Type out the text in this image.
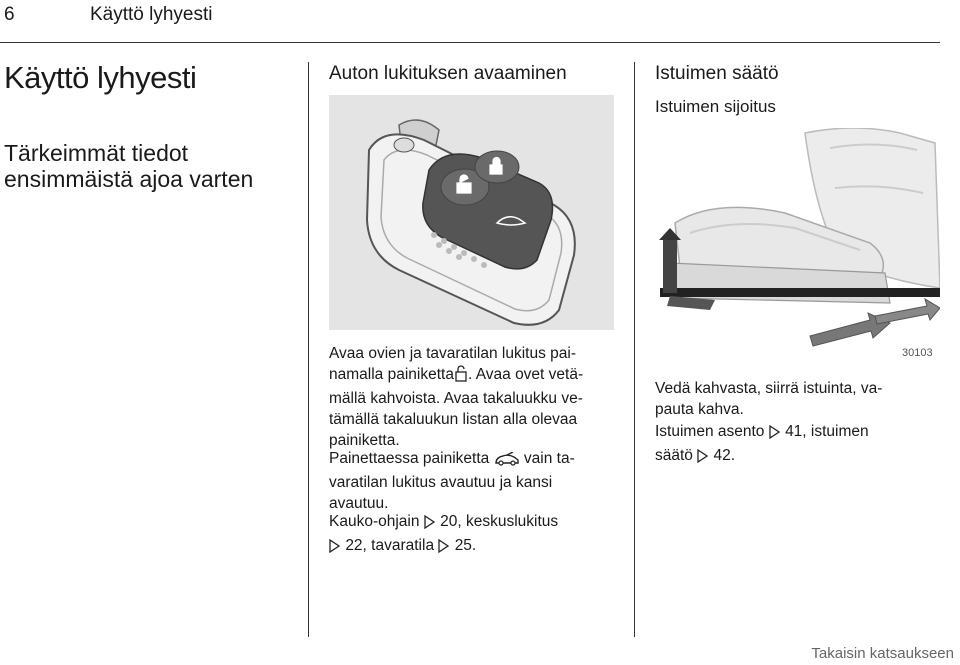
6	Käyttö lyhyesti
Käyttö lyhyesti
Tärkeimmät tiedot ensimmäistä ajoa varten
Auton lukituksen avaaminen
Avaa ovien ja tavaratilan lukitus pai-
namalla painiketta . Avaa ovet vetä-
mällä kahvoista. Avaa takaluukku ve-
tämällä takaluukun listan alla olevaa
painiketta.
Painettaessa painiketta vain ta-
varatilan lukitus avautuu ja kansi
avautuu.
Kauko-ohjain 20, keskuslukitus
22, tavaratila 25.
Istuimen säätö
Istuimen sijoitus
30103
Vedä kahvasta, siirrä istuinta, va-
pauta kahva.
Istuimen asento 41, istuimen
säätö 42.
Takaisin katsaukseen
